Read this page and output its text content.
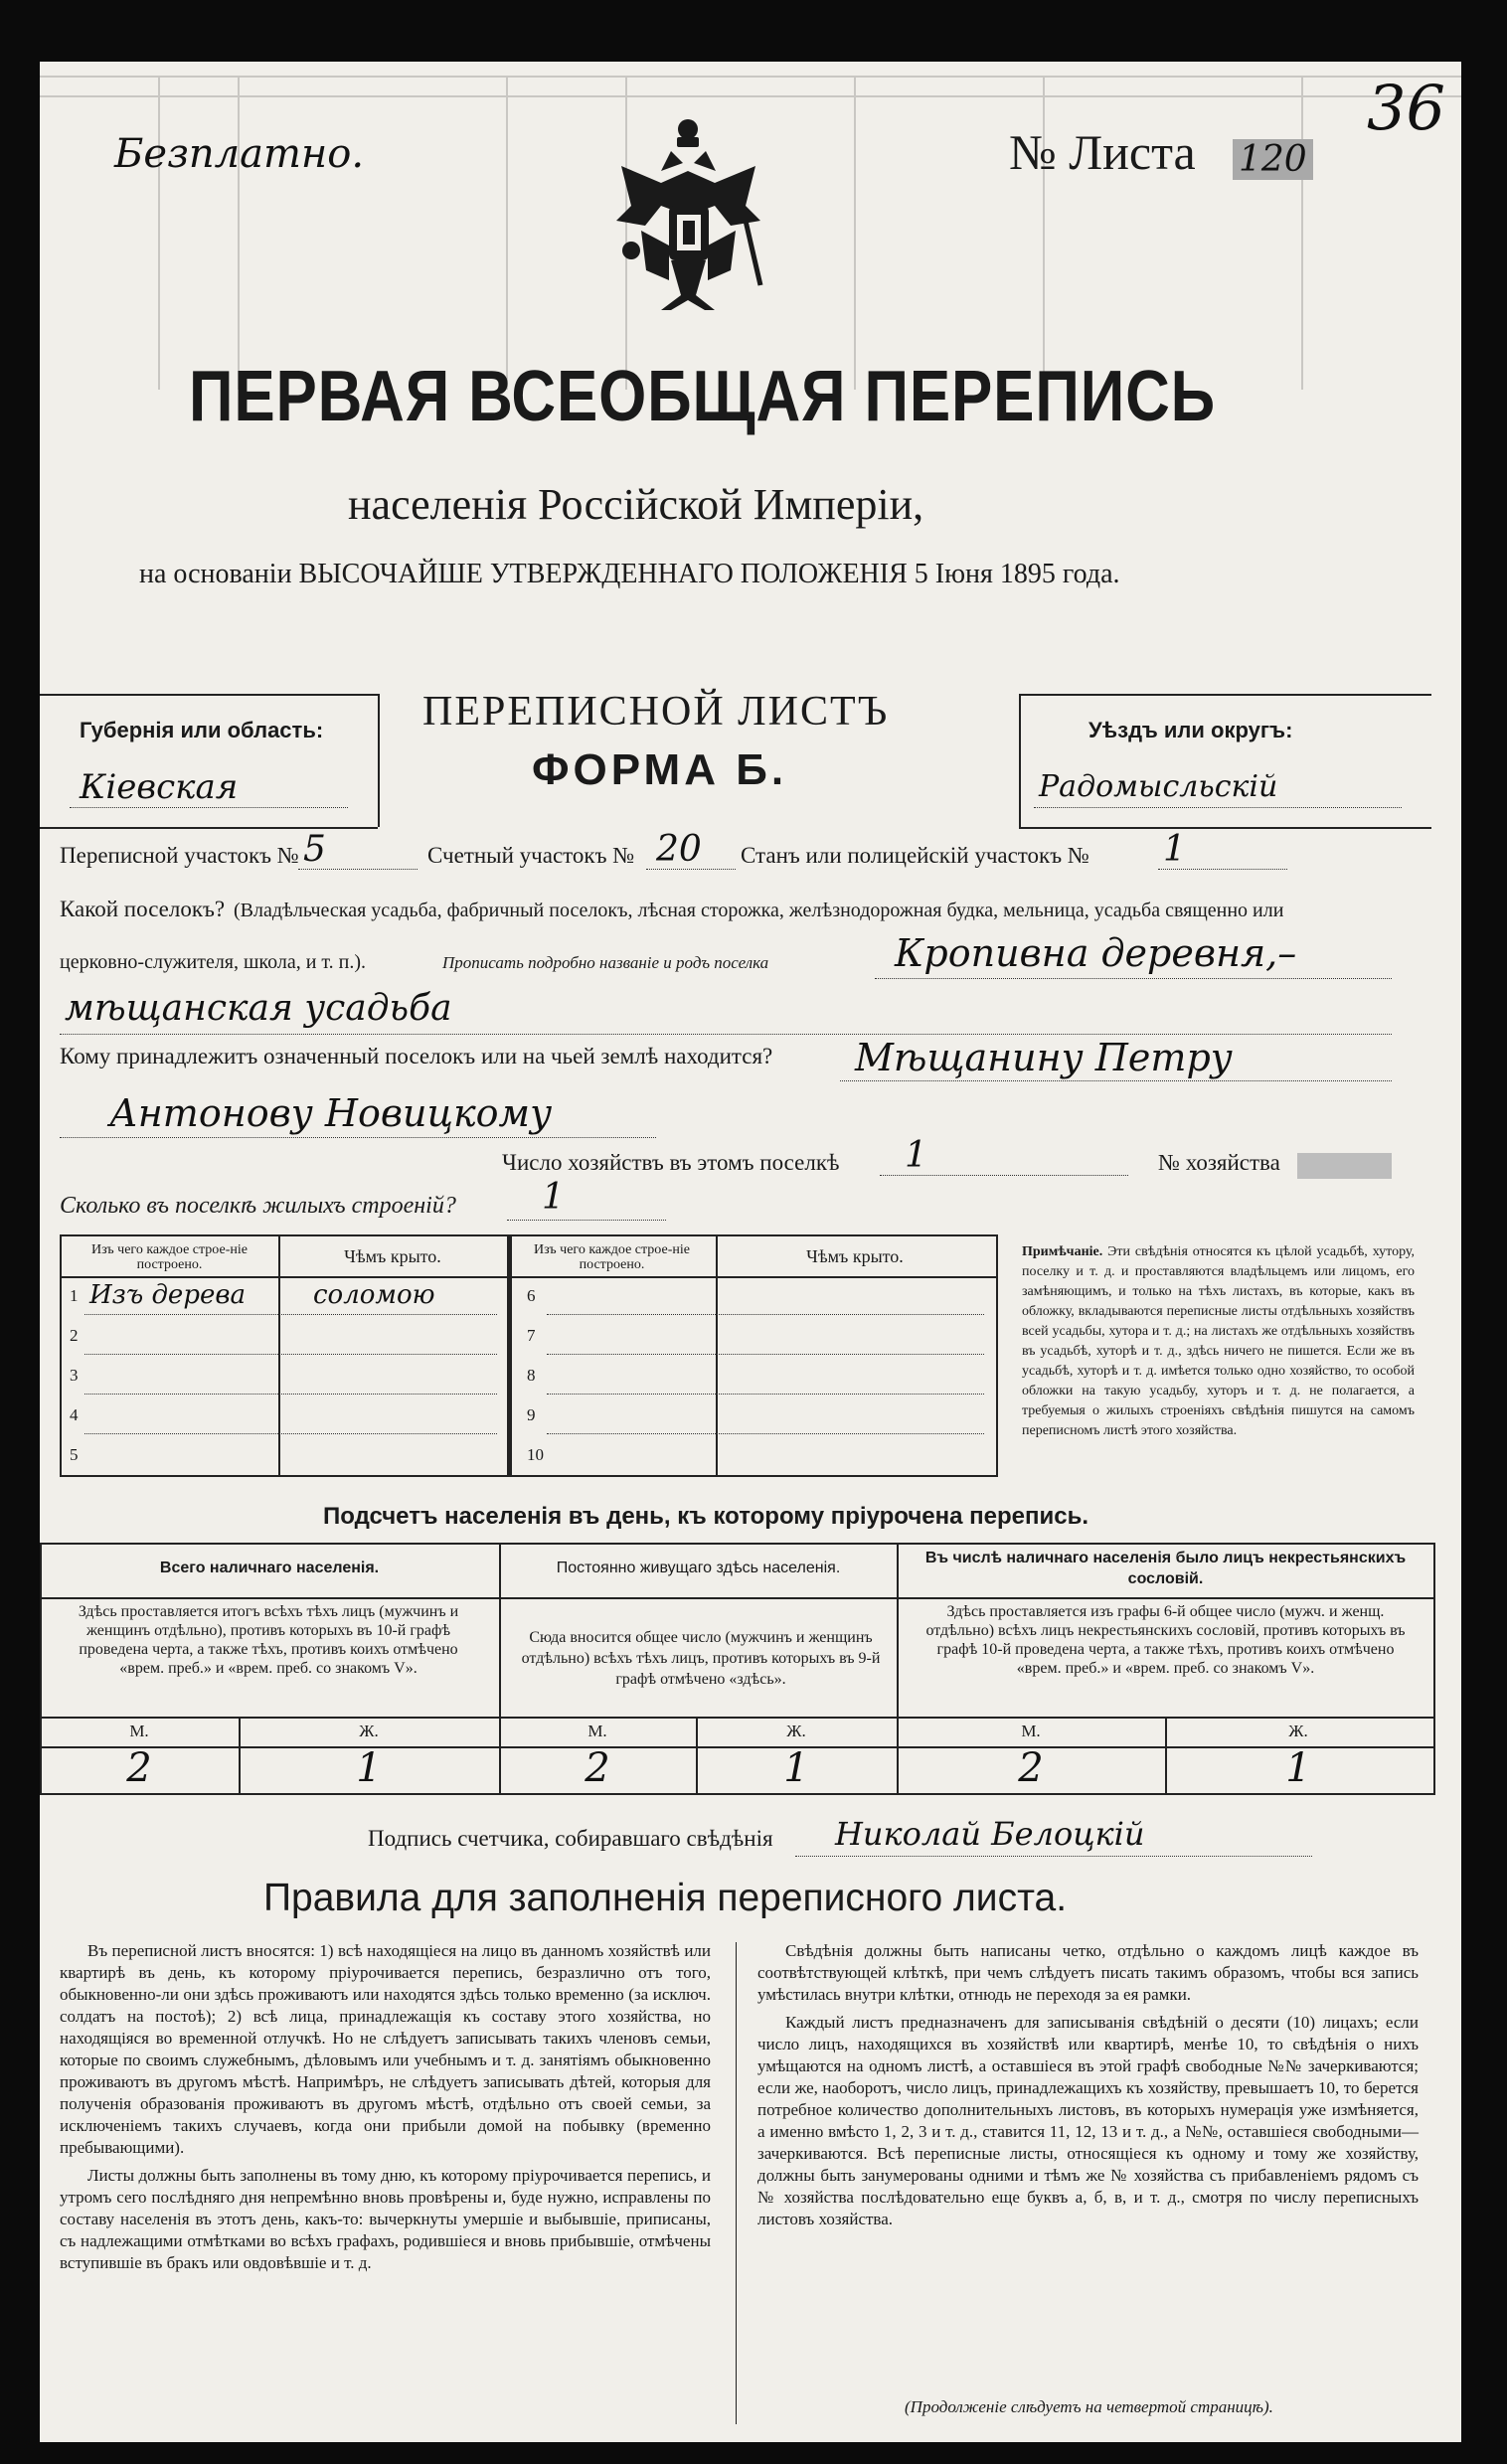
Безплатно.	№ Листа 120
36
ПЕРВАЯ ВСЕОБЩАЯ ПЕРЕПИСЬ
населенія Россійской Имперіи,
на основаніи ВЫСОЧАЙШЕ УТВЕРЖДЕННАГО ПОЛОЖЕНІЯ 5 Іюня 1895 года.
Губернія или область:
Кіевская
ПЕРЕПИСНОЙ ЛИСТЪ
ФОРМА Б.
Уѣздъ или округъ:
Радомысльскій
Переписной участокъ № 5	Счетный участокъ № 20 Станъ или полицейскій участокъ № 1
Какой поселокъ? (Владѣльческая усадьба, фабричный поселокъ, лѣсная сторожка, желѣзнодорожная будка, мельница, усадьба священно или
церковно-служителя, школа, и т. п.).	Прописать подробно названіе и родъ поселка	Кропивна деревня,–
мѣщанская усадьба
Кому принадлежитъ означенный поселокъ или на чьей землѣ находится? Мѣщанину Петру
Антонову Новицкому
Число хозяйствъ въ этомъ поселкѣ 1	№ хозяйства
Сколько въ поселкѣ жилыхъ строеній? 1
Изъ чего каждое строе-ніе построено.	Чѣмъ крыто.	Изъ чего каждое строе-ніе построено.	Чѣмъ крыто.
1 Изъ дерева	соломою
2
3
4
5
6
7
8
9
10
Примѣчаніе. Эти свѣдѣнія относятся къ цѣлой усадьбѣ, хутору, поселку и т. д. и проставляются владѣльцемъ или лицомъ, его замѣняющимъ, и только на тѣхъ листахъ, въ которые, какъ въ обложку, вкладываются переписные листы отдѣльныхъ хозяйствъ всей усадьбы, хутора и т. д.; на листахъ же отдѣльныхъ хозяйствъ въ усадьбѣ, хуторѣ и т. д., здѣсь ничего не пишется. Если же въ усадьбѣ, хуторѣ и т. д. имѣется только одно хозяйство, то особой обложки на такую усадьбу, хуторъ и т. д. не полагается, а требуемыя о жилыхъ строеніяхъ свѣдѣнія пишутся на самомъ переписномъ листѣ этого хозяйства.
Подсчетъ населенія въ день, къ которому пріурочена перепись.
Всего наличнаго населенія.	Постоянно живущаго здѣсь населенія.
Въ числѣ наличнаго населенія было лицъ некрестьянскихъ сословій.
Здѣсь проставляется итогъ всѣхъ тѣхъ лицъ (мужчинъ и женщинъ отдѣльно), противъ которыхъ въ 10-й графѣ проведена черта, а также тѣхъ, противъ коихъ отмѣчено «врем. преб.» и «врем. преб. со знакомъ V».
Сюда вносится общее число (мужчинъ и женщинъ отдѣльно) всѣхъ тѣхъ лицъ, противъ которыхъ въ 9-й графѣ отмѣчено «здѣсь».
Здѣсь проставляется изъ графы 6-й общее число (мужч. и женщ. отдѣльно) всѣхъ лицъ некрестьянскихъ сословій, противъ которыхъ въ графѣ 10-й проведена черта, а также тѣхъ, противъ коихъ отмѣчено «врем. преб.» и «врем. преб. со знакомъ V».
М.	Ж.	М.	Ж.	М.	Ж.
2	1	2	1	2	1
Подпись счетчика, собиравшаго свѣдѣнія Николай Белоцкій
Правила для заполненія переписного листа.

Въ переписной листъ вносятся: 1) всѣ находящіеся на лицо въ данномъ хозяйствѣ или квартирѣ въ день, къ которому пріурочивается перепись, безразлично отъ того, обыкновенно-ли они здѣсь проживаютъ или находятся здѣсь только временно (за исключ. солдатъ на постоѣ); 2) всѣ лица, принадлежащія къ составу этого хозяйства, но находящіяся во временной отлучкѣ. Но не слѣдуетъ записывать такихъ членовъ семьи, которые по своимъ служебнымъ, дѣловымъ или учебнымъ и т. д. занятіямъ обыкновенно проживаютъ въ другомъ мѣстѣ. Напримѣръ, не слѣдуетъ записывать дѣтей, которыя для полученія образованія проживаютъ въ другомъ мѣстѣ, отдѣльно отъ своей семьи, за исключеніемъ такихъ случаевъ, когда они прибыли домой на побывку (временно пребывающими).

Листы должны быть заполнены въ тому дню, къ которому пріурочивается перепись, и утромъ сего послѣдняго дня непремѣнно вновь провѣрены и, буде нужно, исправлены по составу населенія въ этотъ день, какъ-то: вычеркнуты умершіе и выбывшіе, приписаны, съ надлежащими отмѣтками во всѣхъ графахъ, родившіеся и вновь прибывшіе, отмѣчены вступившіе въ бракъ или овдовѣвшіе и т. д.

Свѣдѣнія должны быть написаны четко, отдѣльно о каждомъ лицѣ каждое въ соотвѣтствующей клѣткѣ, при чемъ слѣдуетъ писать такимъ образомъ, чтобы вся запись умѣстилась внутри клѣтки, отнюдь не переходя за ея рамки.

Каждый листъ предназначенъ для записыванія свѣдѣній о десяти (10) лицахъ; если число лицъ, находящихся въ хозяйствѣ или квартирѣ, менѣе 10, то свѣдѣнія о нихъ умѣщаются на одномъ листѣ, а оставшіеся въ этой графѣ свободные №№ зачеркиваются; если же, наоборотъ, число лицъ, принадлежащихъ къ хозяйству, превышаетъ 10, то берется потребное количество дополнительныхъ листовъ, въ которыхъ нумерація уже измѣняется, а именно вмѣсто 1, 2, 3 и т. д., ставится 11, 12, 13 и т. д., а №№, оставшіеся свободными—зачеркиваются. Всѣ переписные листы, относящіеся къ одному и тому же хозяйству, должны быть занумерованы одними и тѣмъ же № хозяйства съ прибавленіемъ рядомъ съ № хозяйства послѣдовательно еще буквъ а, б, в, и т. д., смотря по числу переписныхъ листовъ хозяйства.

(Продолженіе слѣдуетъ на четвертой страницѣ).
